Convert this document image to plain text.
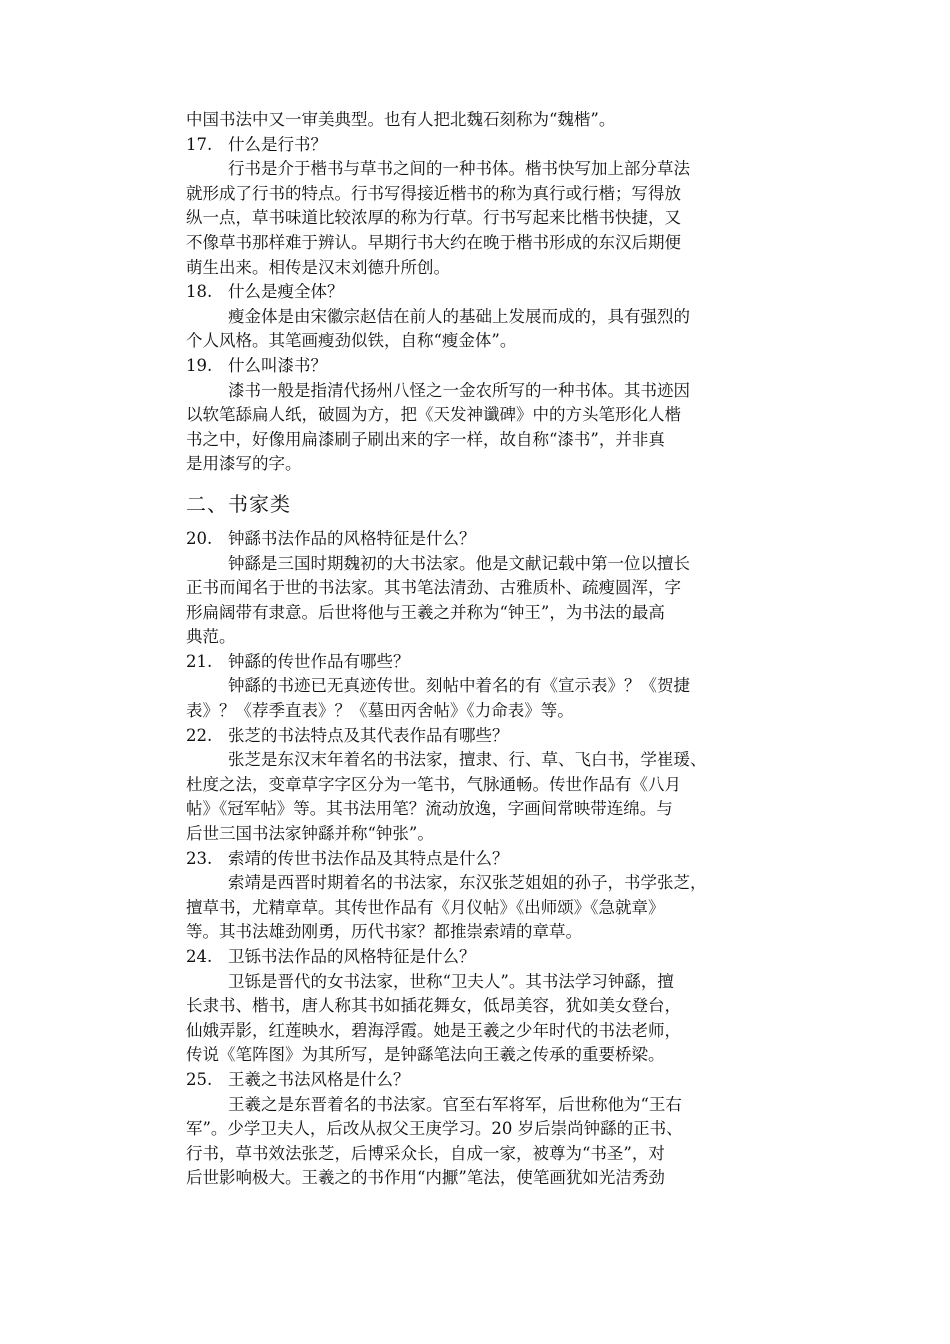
中国书法中又一审美典型。也有人把北魏石刻称为“魏楷”。
17. 什么是行书？
行书是介于楷书与草书之间的一种书体。楷书快写加上部分草法
就形成了行书的特点。行书写得接近楷书的称为真行或行楷；写得放
纵一点，草书味道比较浓厚的称为行草。行书写起来比楷书快捷，又
不像草书那样难于辨认。早期行书大约在晚于楷书形成的东汉后期便
萌生出来。相传是汉末刘德升所创。
18. 什么是瘦全体？
瘦金体是由宋徽宗赵佶在前人的基础上发展而成的，具有强烈的
个人风格。其笔画瘦劲似铁，自称“瘦金体”。
19. 什么叫漆书？
漆书一般是指清代扬州八怪之一金农所写的一种书体。其书迹因
以软笔舔扁人纸，破圆为方，把《天发神谶碑》中的方头笔形化人楷
书之中，好像用扁漆刷子刷出来的字一样，故自称“漆书”，并非真
是用漆写的字。
二、书家类
20. 钟繇书法作品的风格特征是什么？
钟繇是三国时期魏初的大书法家。他是文献记载中第一位以擅长
正书而闻名于世的书法家。其书笔法清劲、古雅质朴、疏瘦圆浑，字
形扁阔带有隶意。后世将他与王羲之并称为“钟王”，为书法的最高
典范。
21. 钟繇的传世作品有哪些？
钟繇的书迹已无真迹传世。刻帖中着名的有《宣示表》？《贺捷
表》？《荐季直表》？《墓田丙舍帖》《力命表》等。
22. 张芝的书法特点及其代表作品有哪些？
张芝是东汉末年着名的书法家，擅隶、行、草、飞白书，学崔瑗、
杜度之法，变章草字字区分为一笔书，气脉通畅。传世作品有《八月
帖》《冠军帖》等。其书法用笔？流动放逸，字画间常映带连绵。与
后世三国书法家钟繇并称“钟张”。
23. 索靖的传世书法作品及其特点是什么？
索靖是西晋时期着名的书法家，东汉张芝姐姐的孙子，书学张芝，
擅草书，尤精章草。其传世作品有《月仪帖》《出师颂》《急就章》
等。其书法雄劲刚勇，历代书家？都推崇索靖的章草。
24. 卫铄书法作品的风格特征是什么？
卫铄是晋代的女书法家，世称“卫夫人”。其书法学习钟繇，擅
长隶书、楷书，唐人称其书如插花舞女，低昂美容，犹如美女登台，
仙娥弄影，红莲映水，碧海浮霞。她是王羲之少年时代的书法老师，
传说《笔阵图》为其所写，是钟繇笔法向王羲之传承的重要桥梁。
25. 王羲之书法风格是什么？
王羲之是东晋着名的书法家。官至右军将军，后世称他为“王右
军”。少学卫夫人，后改从叔父王庚学习。20 岁后崇尚钟繇的正书、
行书，草书效法张芝，后博采众长，自成一家，被尊为“书圣”，对
后世影响极大。王羲之的书作用“内擫”笔法，使笔画犹如光洁秀劲
